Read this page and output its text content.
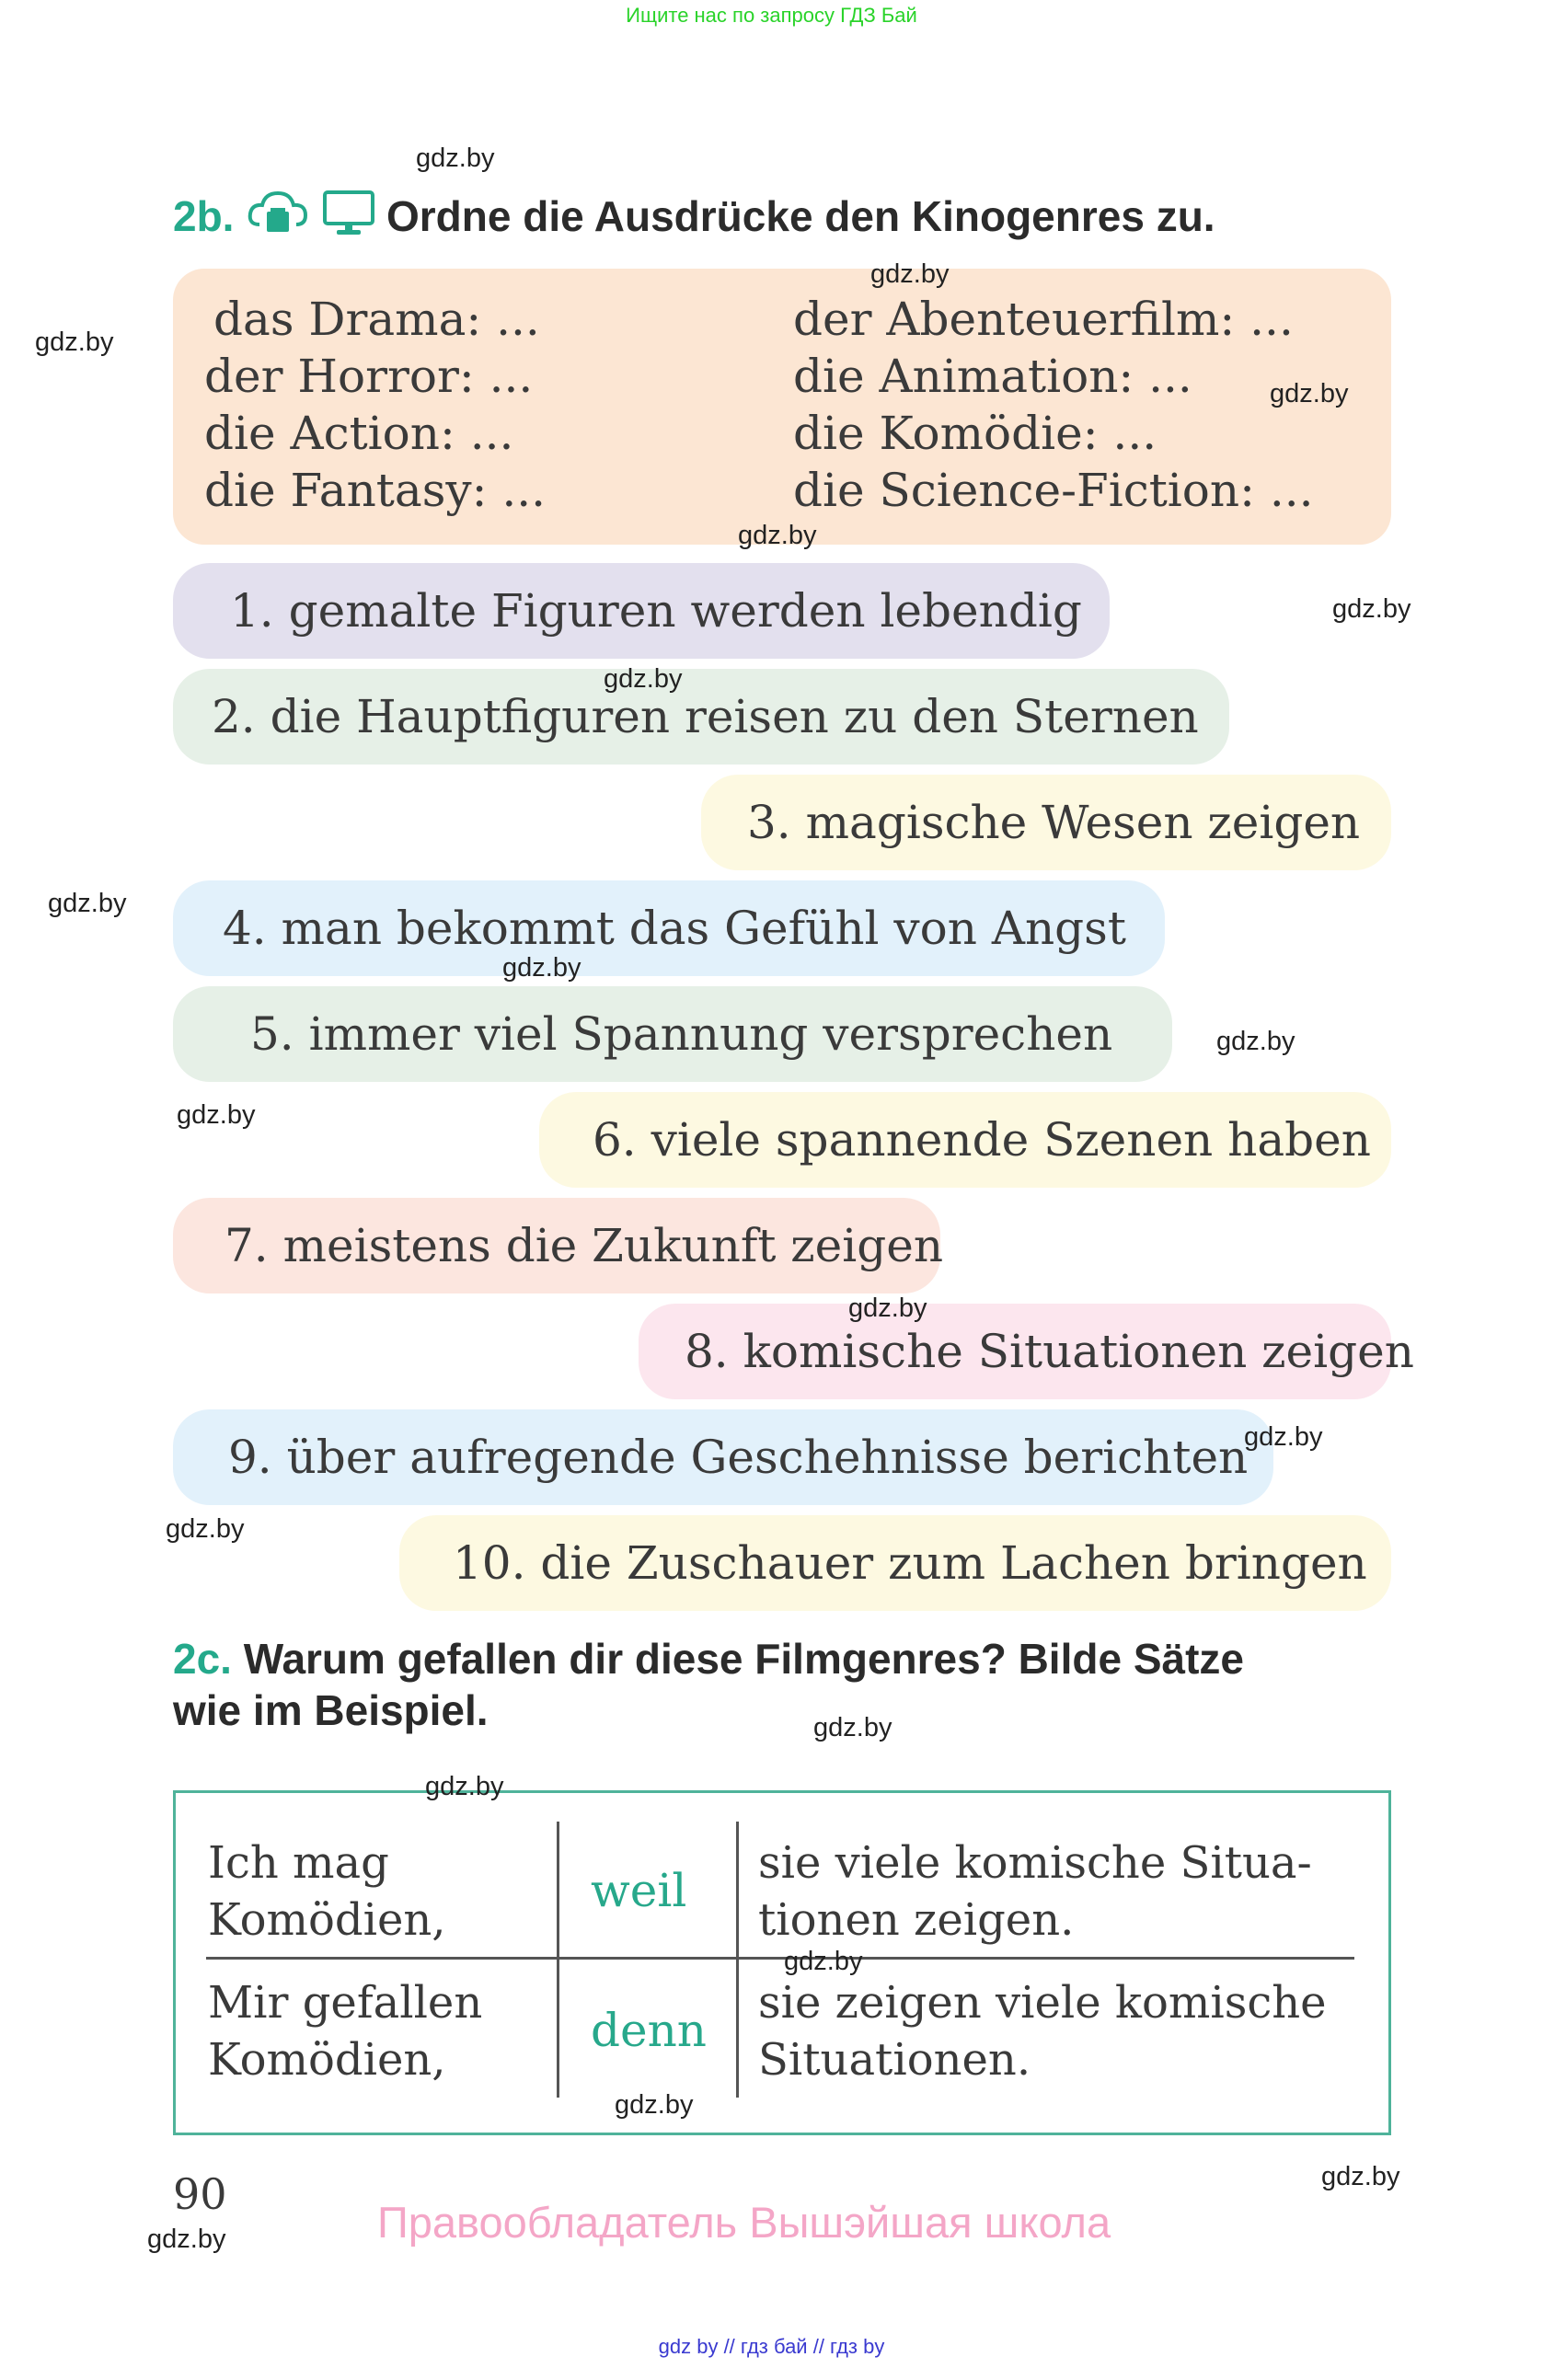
Ищите нас по запросу ГДЗ Бай
2b.	Ordne die Ausdrücke den Kinogenres zu.
das Drama: ...
der Horror: ...
die Action: ...
die Fantasy: ...
der Abenteuerfilm: ...
die Animation: ...
die Komödie: ...
die Science-Fiction: ...
1. gemalte Figuren werden lebendig
2. die Hauptfiguren reisen zu den Sternen
3. magische Wesen zeigen
4. man bekommt das Gefühl von Angst
5. immer viel Spannung versprechen
6. viele spannende Szenen haben
7. meistens die Zukunft zeigen
8. komische Situationen zeigen
9. über aufregende Geschehnisse berichten
10. die Zuschauer zum Lachen bringen
2c. Warum gefallen dir diese Filmgenres? Bilde Sätze
wie im Beispiel.
Ich mag
Komödien,
weil
sie viele komische Situa-
tionen zeigen.
Mir gefallen
Komödien,
denn
sie zeigen viele komische
Situationen.
90
Правообладатель Вышэйшая школа
gdz by // гдз бай // гдз by
gdz.by
gdz.by
gdz.by
gdz.by
gdz.by
gdz.by
gdz.by
gdz.by
gdz.by
gdz.by
gdz.by
gdz.by
gdz.by
gdz.by
gdz.by
gdz.by
gdz.by
gdz.by
gdz.by
gdz.by
